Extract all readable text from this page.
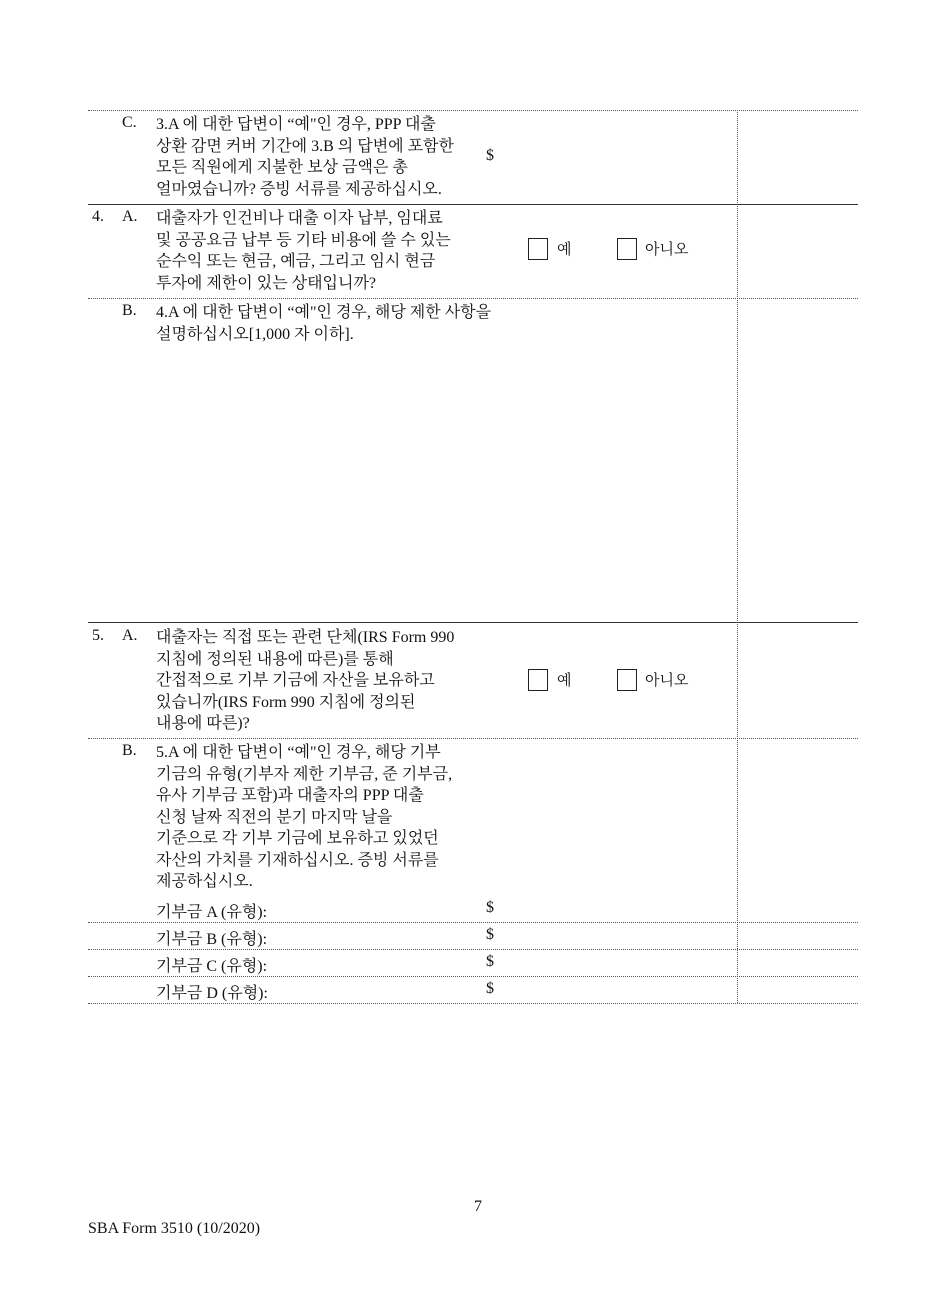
C. 3.A 에 대한 답변이 “예"인 경우, PPP 대출
상환 감면 커버 기간에 3.B 의 답변에 포함한
모든 직원에게 지불한 보상 금액은 총
얼마였습니까? 증빙 서류를 제공하십시오.
$
4. A. 대출자가 인건비나 대출 이자 납부, 임대료
및 공공요금 납부 등 기타 비용에 쓸 수 있는
순수익 또는 현금, 예금, 그리고 임시 현금
투자에 제한이 있는 상태입니까?
예	아니오
B. 4.A 에 대한 답변이 “예"인 경우, 해당 제한 사항을
설명하십시오[1,000 자 이하].
5. A. 대출자는 직접 또는 관련 단체(IRS Form 990
지침에 정의된 내용에 따른)를 통해
간접적으로 기부 기금에 자산을 보유하고
있습니까(IRS Form 990 지침에 정의된
내용에 따른)?
예	아니오
B. 5.A 에 대한 답변이 “예"인 경우, 해당 기부
기금의 유형(기부자 제한 기부금, 준 기부금,
유사 기부금 포함)과 대출자의 PPP 대출
신청 날짜 직전의 분기 마지막 날을
기준으로 각 기부 기금에 보유하고 있었던
자산의 가치를 기재하십시오. 증빙 서류를
제공하십시오.
기부금 A (유형):	$
기부금 B (유형):	$
기부금 C (유형):	$
기부금 D (유형):	$
7
SBA Form 3510 (10/2020)
